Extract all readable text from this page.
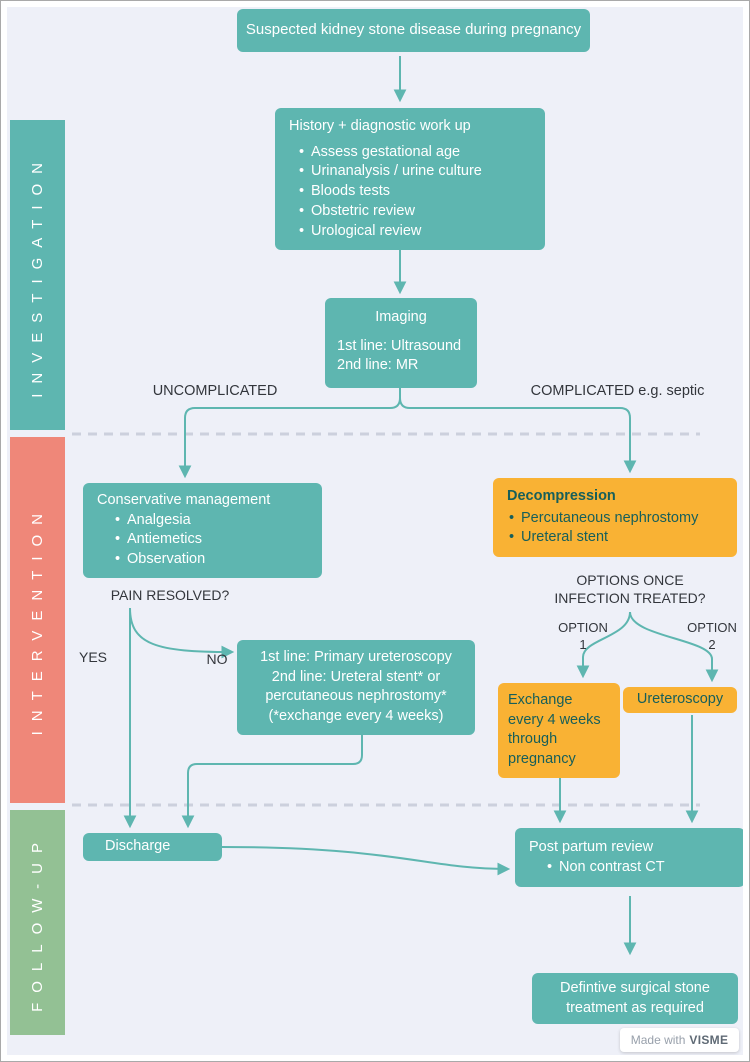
INVESTIGATION
INTERVENTION
FOLLOW-UP
Suspected kidney stone disease during pregnancy
History + diagnostic work up
• Assess gestational age
• Urinanalysis / urine culture
• Bloods tests
• Obstetric review
• Urological review
Imaging
1st line: Ultrasound
2nd line: MR
UNCOMPLICATED	COMPLICATED e.g. septic
Conservative management
• Analgesia
• Antiemetics
• Observation
PAIN RESOLVED?
YES	NO	1st line: Primary ureteroscopy
2nd line: Ureteral stent* or
percutaneous nephrostomy*
(*exchange every 4 weeks)
Decompression
• Percutaneous nephrostomy
• Ureteral stent
OPTIONS ONCE INFECTION TREATED?
OPTION 1
OPTION 2
Exchange every 4 weeks through pregnancy
Ureteroscopy
Discharge	Post partum review
• Non contrast CT
Defintive surgical stone treatment as required
Made with VISME
